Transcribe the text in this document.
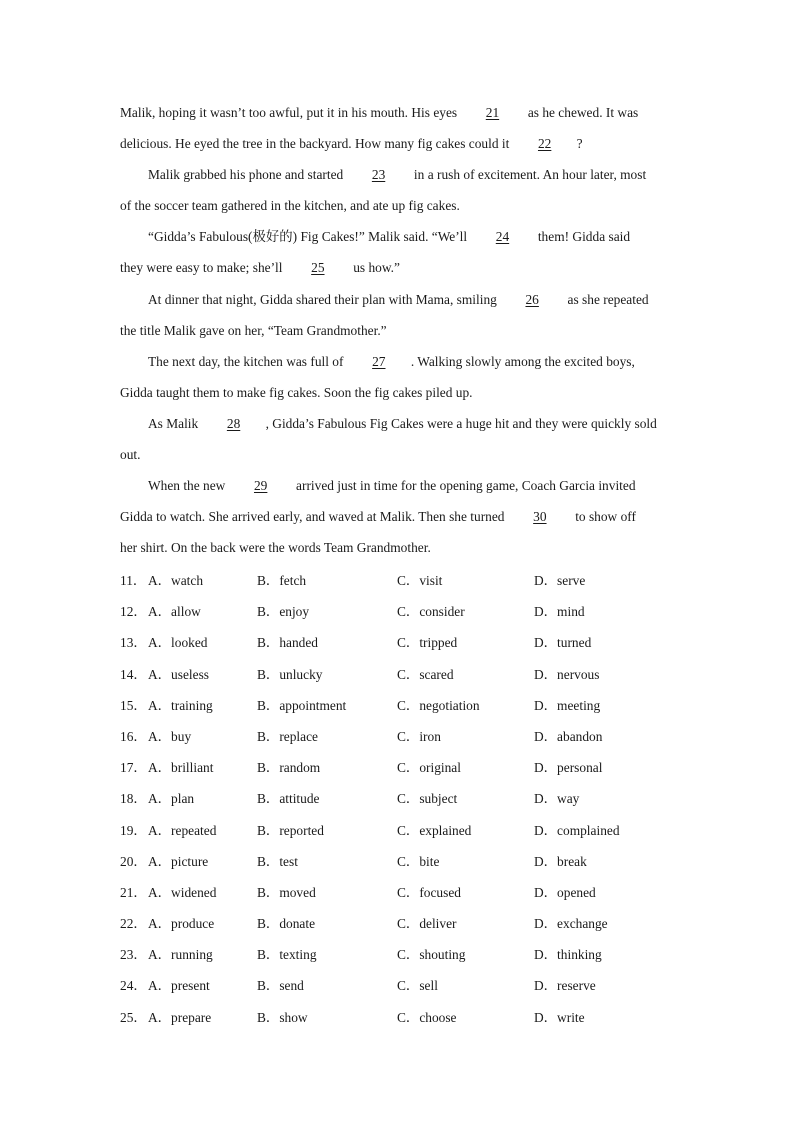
Malik, hoping it wasn’t too awful, put it in his mouth. His eyes 21 as he chewed. It was
delicious. He eyed the tree in the backyard. How many fig cakes could it 22 ?
Malik grabbed his phone and started 23 in a rush of excitement. An hour later, most
of the soccer team gathered in the kitchen, and ate up fig cakes.
“Gidda’s Fabulous(极好的) Fig Cakes!” Malik said. “We’ll 24 them! Gidda said
they were easy to make; she’ll 25 us how.”
At dinner that night, Gidda shared their plan with Mama, smiling 26 as she repeated
the title Malik gave on her, “Team Grandmother.”
The next day, the kitchen was full of 27 . Walking slowly among the excited boys,
Gidda taught them to make fig cakes. Soon the fig cakes piled up.
As Malik 28 , Gidda’s Fabulous Fig Cakes were a huge hit and they were quickly sold
out.
When the new 29 arrived just in time for the opening game, Coach Garcia invited
Gidda to watch. She arrived early, and waved at Malik. Then she turned 30 to show off
her shirt. On the back were the words Team Grandmother.
11． A．watch	B．fetch	C．visit	D．serve
12． A．allow	B．enjoy	C．consider	D．mind
13． A．looked	B．handed	C．tripped	D．turned
14． A．useless	B．unlucky	C．scared	D．nervous
15． A．training	B．appointment	C．negotiation	D．meeting
16． A．buy	B．replace	C．iron	D．abandon
17． A．brilliant	B．random	C．original	D．personal
18． A．plan	B．attitude	C．subject	D．way
19． A．repeated	B．reported	C．explained	D．complained
20． A．picture	B．test	C．bite	D．break
21． A．widened	B．moved	C．focused	D．opened
22． A．produce	B．donate	C．deliver	D．exchange
23． A．running	B．texting	C．shouting	D．thinking
24． A．present	B．send	C．sell	D．reserve
25． A．prepare	B．show	C．choose	D．write
